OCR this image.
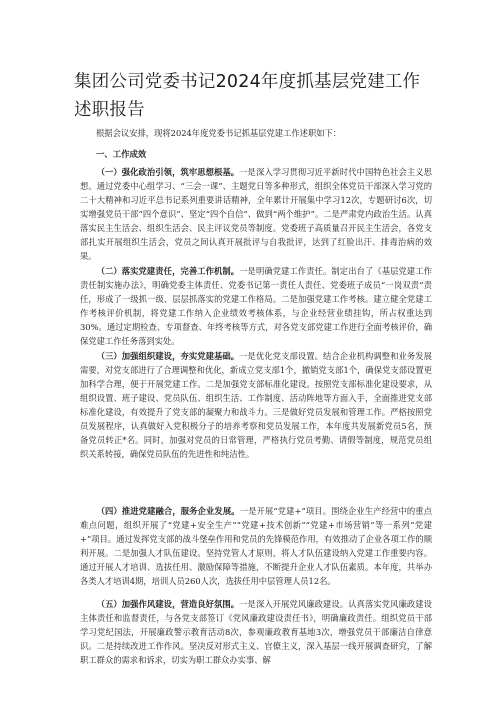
集团公司党委书记2024年度抓基层党建工作述职报告

根据会议安排，现将2024年度党委书记抓基层党建工作述职如下：

一、工作成效

（一）强化政治引领，筑牢思想根基。一是深入学习贯彻习近平新时代中国特色社会主义思想。通过党委中心组学习、“三会一课”、主题党日等多种形式，组织全体党员干部深入学习党的二十大精神和习近平总书记系列重要讲话精神，全年累计开展集中学习12次，专题研讨6次，切实增强党员干部“四个意识”、坚定“四个自信”、做到“两个维护”。二是严肃党内政治生活。认真落实民主生活会、组织生活会、民主评议党员等制度。党委班子高质量召开民主生活会，各党支部扎实开展组织生活会，党员之间认真开展批评与自我批评，达到了红脸出汗、排毒治病的效果。

（二）落实党建责任，完善工作机制。一是明确党建工作责任。制定出台了《基层党建工作责任制实施办法》，明确党委主体责任、党委书记第一责任人责任、党委班子成员“一岗双责”责任，形成了一级抓一级、层层抓落实的党建工作格局。二是加强党建工作考核。建立健全党建工作考核评价机制，将党建工作纳入企业绩效考核体系，与企业经营业绩挂钩，所占权重达到30%。通过定期检查、专项督查、年终考核等方式，对各党支部党建工作进行全面考核评价，确保党建工作任务落到实处。

（三）加强组织建设，夯实党建基础。一是优化党支部设置。结合企业机构调整和业务发展需要，对党支部进行了合理调整和优化，新成立党支部1个，撤销党支部1个，确保党支部设置更加科学合理，便于开展党建工作。二是加强党支部标准化建设。按照党支部标准化建设要求，从组织设置、班子建设、党员队伍、组织生活、工作制度、活动阵地等方面入手，全面推进党支部标准化建设，有效提升了党支部的凝聚力和战斗力。三是做好党员发展和管理工作。严格按照党员发展程序，认真做好入党积极分子的培养考察和党员发展工作，本年度共发展新党员5名，预备党员转正*名。同时，加强对党员的日常管理，严格执行党员考勤、请假等制度，规范党员组织关系转接，确保党员队伍的先进性和纯洁性。

（四）推进党建融合，服务企业发展。一是开展“党建+”项目。围绕企业生产经营中的重点难点问题，组织开展了“党建+安全生产”“党建+技术创新”“党建+市场营销”等一系列“党建+”项目。通过发挥党支部的战斗堡垒作用和党员的先锋模范作用，有效推动了企业各项工作的顺利开展。二是加强人才队伍建设。坚持党管人才原则，将人才队伍建设纳入党建工作重要内容。通过开展人才培训、选拔任用、激励保障等措施，不断提升企业人才队伍素质。本年度，共举办各类人才培训4期，培训人员260人次，选拔任用中层管理人员12名。

（五）加强作风建设，营造良好氛围。一是深入开展党风廉政建设。认真落实党风廉政建设主体责任和监督责任，与各党支部签订《党风廉政建设责任书》，明确廉政责任。组织党员干部学习党纪国法，开展廉政警示教育活动8次，参观廉政教育基地3次，增强党员干部廉洁自律意识。二是持续改进工作作风。坚决反对形式主义、官僚主义，深入基层一线开展调查研究，了解职工群众的需求和诉求，切实为职工群众办实事、解
